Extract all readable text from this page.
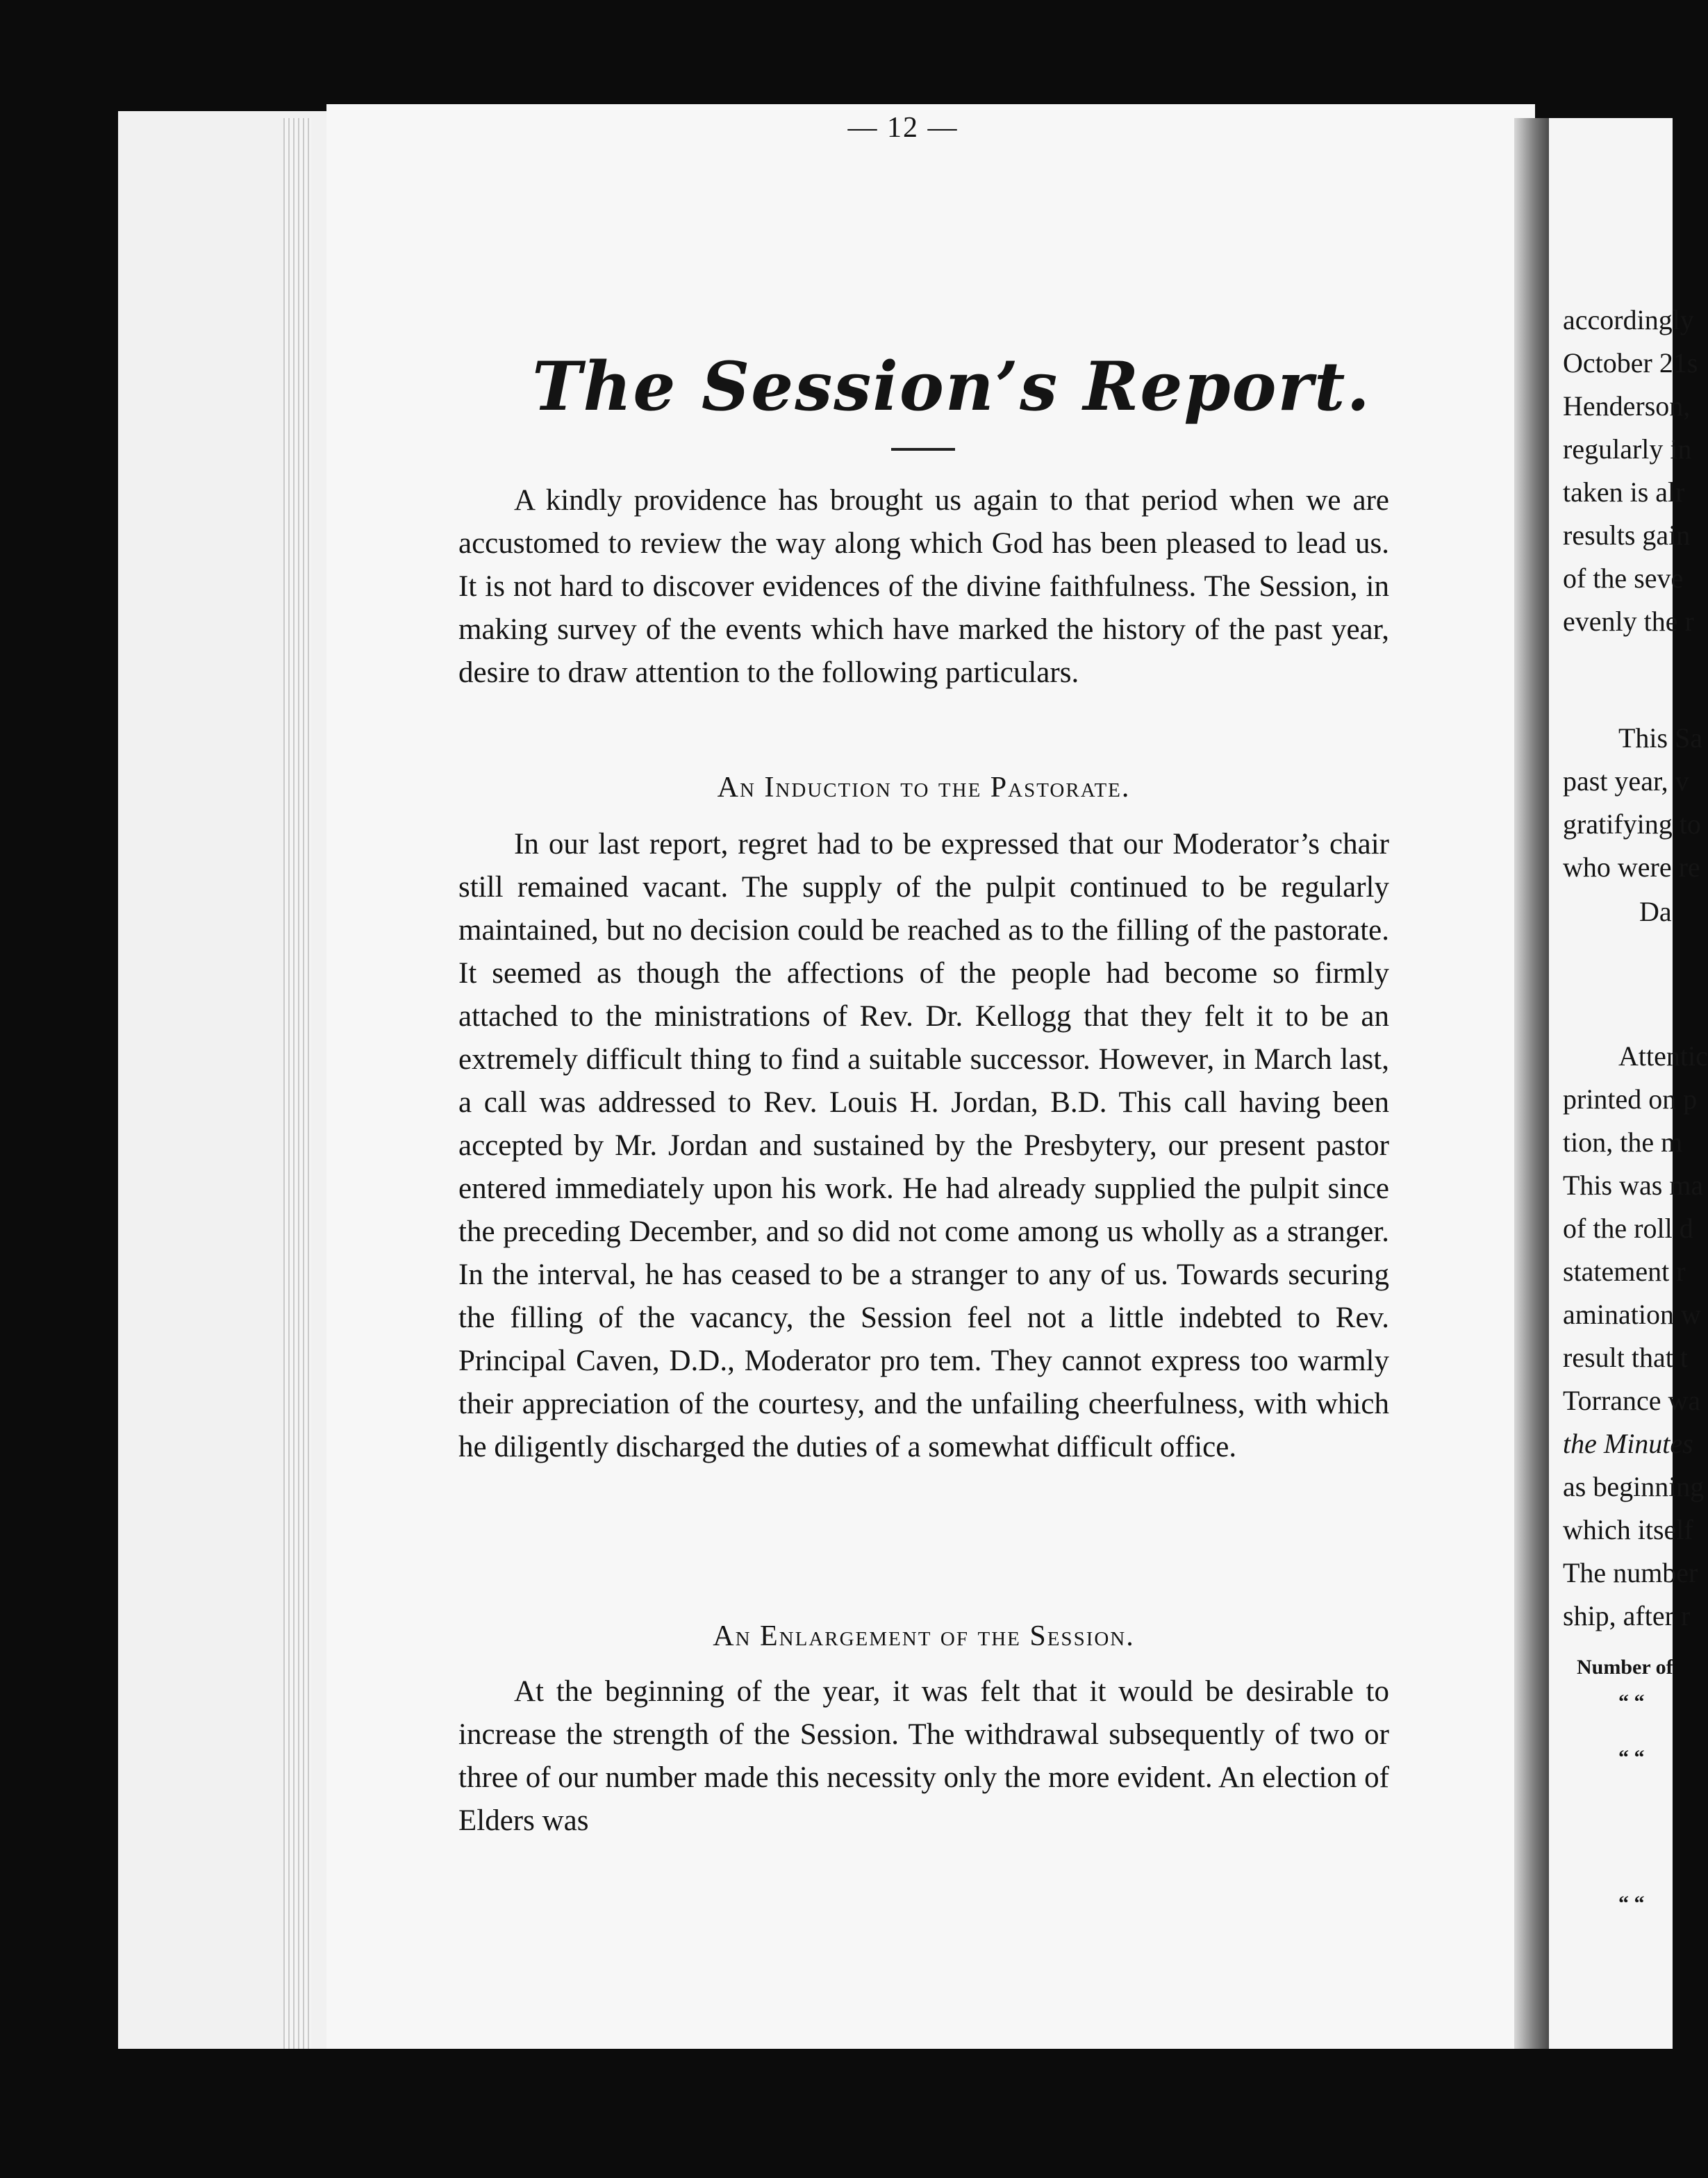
accordingly
October 21s
Henderson,
regularly in
taken is alr
results gain
of the seve
evenly the r
This Sa
past year, v
gratifying to
who were re
Da
Attentic
printed on p
tion, the m
This was ma
of the roll d
statement r
amination w
result that t
Torrance wa
the Minutes
as beginning
which itself
The number
ship, after r
Number of
“ “
“ “
“ “
— 12 —
The Session’s Report.

A kindly providence has brought us again to that period when we are accustomed to review the way along which God has been pleased to lead us. It is not hard to discover evidences of the divine faithfulness. The Session, in making survey of the events which have marked the history of the past year, desire to draw attention to the following particulars.

An Induction to the Pastorate.

In our last report, regret had to be expressed that our Moderator’s chair still remained vacant. The supply of the pulpit continued to be regularly maintained, but no decision could be reached as to the filling of the pastorate. It seemed as though the affections of the people had become so firmly attached to the ministrations of Rev. Dr. Kellogg that they felt it to be an extremely difficult thing to find a suitable successor. However, in March last, a call was addressed to Rev. Louis H. Jordan, B.D. This call having been accepted by Mr. Jordan and sustained by the Presbytery, our present pastor entered immediately upon his work. He had already supplied the pulpit since the preceding December, and so did not come among us wholly as a stranger. In the interval, he has ceased to be a stranger to any of us. Towards securing the filling of the vacancy, the Session feel not a little indebted to Rev. Principal Caven, D.D., Moderator pro tem. They cannot express too warmly their appreciation of the courtesy, and the unfailing cheerfulness, with which he diligently discharged the duties of a somewhat difficult office.

An Enlargement of the Session.

At the beginning of the year, it was felt that it would be desirable to increase the strength of the Session. The withdrawal subsequently of two or three of our number made this necessity only the more evident. An election of Elders was
